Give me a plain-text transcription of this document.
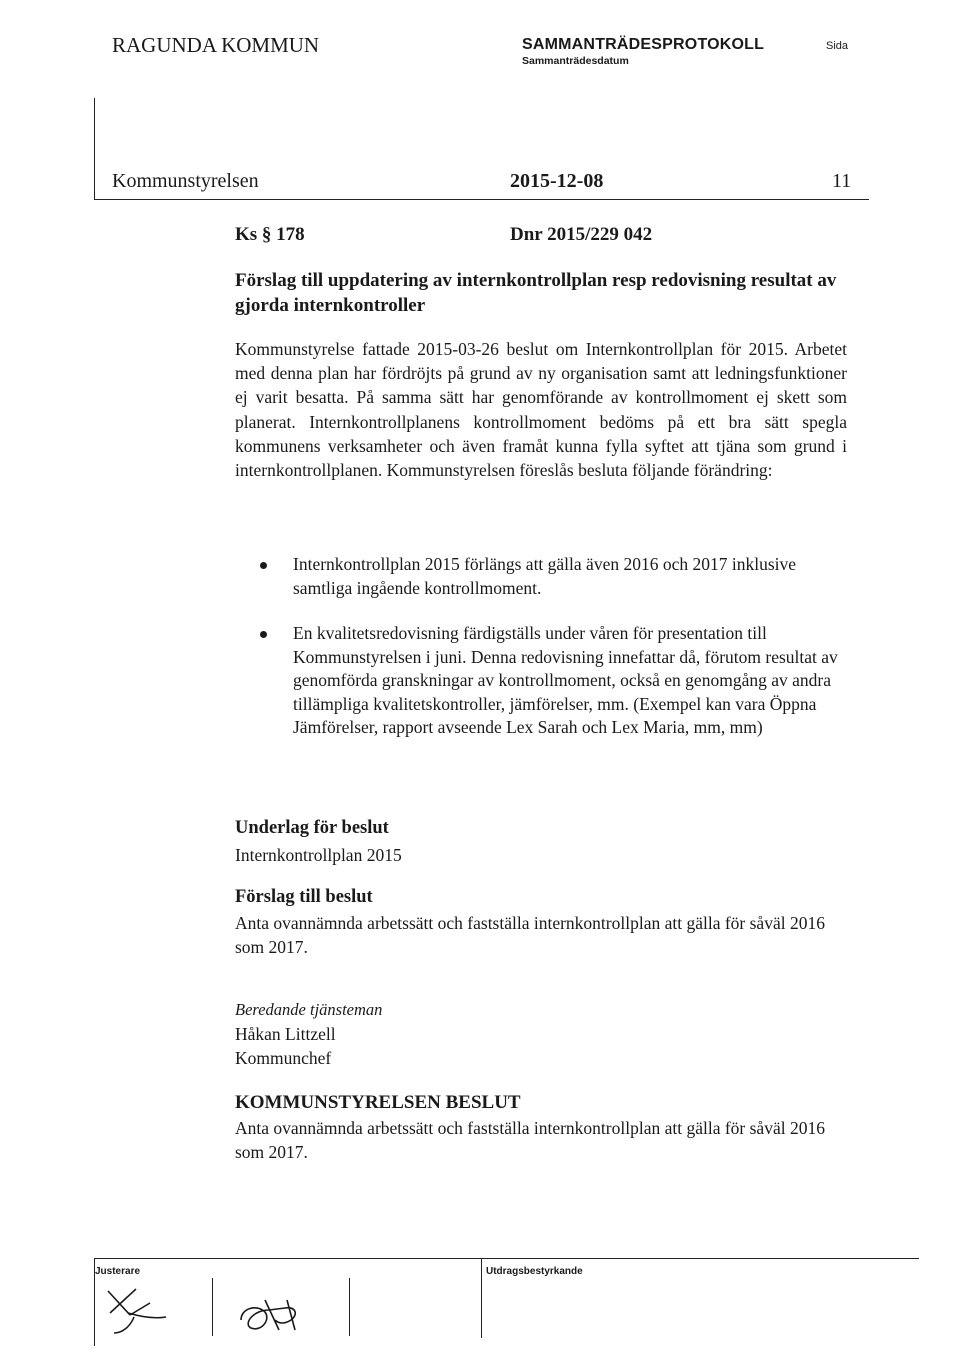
RAGUNDA KOMMUN	SAMMANTRÄDESPROTOKOLL
Sammanträdesdatum
Sida
Kommunstyrelsen	2015-12-08	11
Ks § 178	Dnr 2015/229 042
Förslag till uppdatering av internkontrollplan resp redovisning resultat av gjorda internkontroller
Kommunstyrelse fattade 2015-03-26 beslut om Internkontrollplan för 2015. Arbetet med denna plan har fördröjts på grund av ny organisation samt att ledningsfunktioner ej varit besatta. På samma sätt har genomförande av kontrollmoment ej skett som planerat. Internkontrollplanens kontrollmoment bedöms på ett bra sätt spegla kommunens verksamheter och även framåt kunna fylla syftet att tjäna som grund i internkontrollplanen. Kommunstyrelsen föreslås besluta följande förändring:
Internkontrollplan 2015 förlängs att gälla även 2016 och 2017 inklusive samtliga ingående kontrollmoment.
En kvalitetsredovisning färdigställs under våren för presentation till Kommunstyrelsen i juni. Denna redovisning innefattar då, förutom resultat av genomförda granskningar av kontrollmoment, också en genomgång av andra tillämpliga kvalitetskontroller, jämförelser, mm. (Exempel kan vara Öppna Jämförelser, rapport avseende Lex Sarah och Lex Maria, mm, mm)
Underlag för beslut
Internkontrollplan 2015
Förslag till beslut
Anta ovannämnda arbetssätt och fastställa internkontrollplan att gälla för såväl 2016 som 2017.
Beredande tjänsteman
Håkan Littzell
Kommunchef
KOMMUNSTYRELSEN BESLUT
Anta ovannämnda arbetssätt och fastställa internkontrollplan att gälla för såväl 2016 som 2017.
Justerare	Utdragsbestyrkande
